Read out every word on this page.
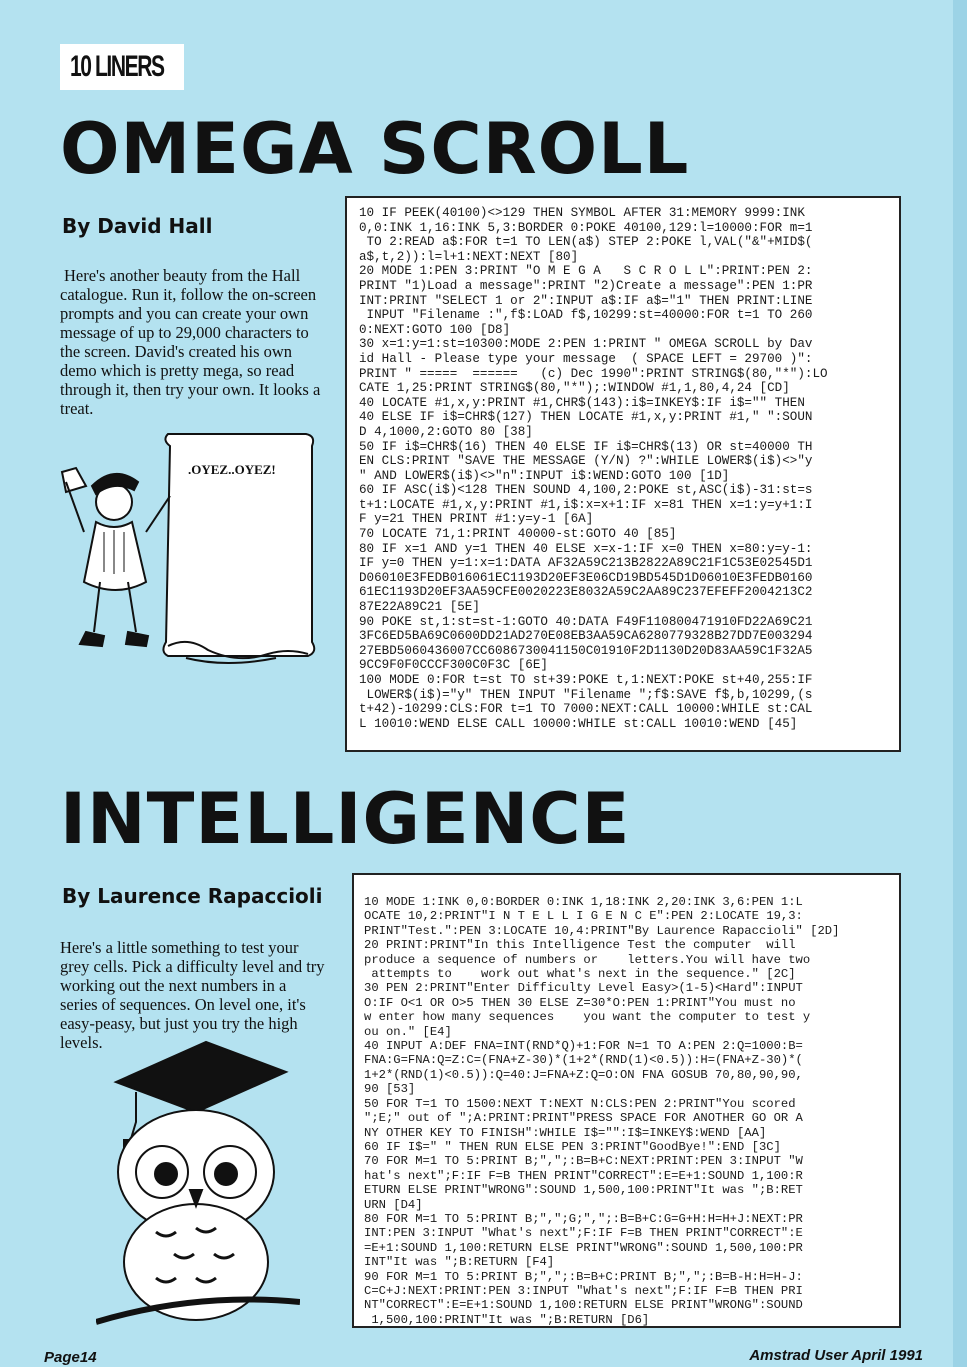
10 LINERS
OMEGA SCROLL
By David Hall
Here's another beauty from the Hall catalogue. Run it, follow the on-screen prompts and you can create your own message of up to 29,000 characters to the screen. David's created his own demo which is pretty mega, so read through it, then try your own. It looks a treat.
.OYEZ..OYEZ!
10 IF PEEK(40100)<>129 THEN SYMBOL AFTER 31:MEMORY 9999:INK
0,0:INK 1,16:INK 5,3:BORDER 0:POKE 40100,129:l=10000:FOR m=1
TO 2:READ a$:FOR t=1 TO LEN(a$) STEP 2:POKE l,VAL("&"+MID$(
a$,t,2)):l=l+1:NEXT:NEXT [80]
20 MODE 1:PEN 3:PRINT "O M E G A   S C R O L L":PRINT:PEN 2:
PRINT "1)Load a message":PRINT "2)Create a message":PEN 1:PR
INT:PRINT "SELECT 1 or 2":INPUT a$:IF a$="1" THEN PRINT:LINE
INPUT "Filename :",f$:LOAD f$,10299:st=40000:FOR t=1 TO 260
0:NEXT:GOTO 100 [D8]
30 x=1:y=1:st=10300:MODE 2:PEN 1:PRINT " OMEGA SCROLL by Dav
id Hall - Please type your message  ( SPACE LEFT = 29700 )":
PRINT " =====  ======   (c) Dec 1990":PRINT STRING$(80,"*"):LO
CATE 1,25:PRINT STRING$(80,"*");:WINDOW #1,1,80,4,24 [CD]
40 LOCATE #1,x,y:PRINT #1,CHR$(143):i$=INKEY$:IF i$="" THEN
40 ELSE IF i$=CHR$(127) THEN LOCATE #1,x,y:PRINT #1," ":SOUN
D 4,1000,2:GOTO 80 [38]
50 IF i$=CHR$(16) THEN 40 ELSE IF i$=CHR$(13) OR st=40000 TH
EN CLS:PRINT "SAVE THE MESSAGE (Y/N) ?":WHILE LOWER$(i$)<>"y
" AND LOWER$(i$)<>"n":INPUT i$:WEND:GOTO 100 [1D]
60 IF ASC(i$)<128 THEN SOUND 4,100,2:POKE st,ASC(i$)-31:st=s
t+1:LOCATE #1,x,y:PRINT #1,i$:x=x+1:IF x=81 THEN x=1:y=y+1:I
F y=21 THEN PRINT #1:y=y-1 [6A]
70 LOCATE 71,1:PRINT 40000-st:GOTO 40 [85]
80 IF x=1 AND y=1 THEN 40 ELSE x=x-1:IF x=0 THEN x=80:y=y-1:
IF y=0 THEN y=1:x=1:DATA AF32A59C213B2822A89C21F1C53E02545D1
D06010E3FEDB016061EC1193D20EF3E06CD19BD545D1D06010E3FEDB0160
61EC1193D20EF3AA59CFE0020223E8032A59C2AA89C237EFEFF2004213C2
87E22A89C21 [5E]
90 POKE st,1:st=st-1:GOTO 40:DATA F49F110800471910FD22A69C21
3FC6ED5BA69C0600DD21AD270E08EB3AA59CA6280779328B27DD7E003294
27EBD5060436007CC6086730041150C01910F2D1130D20D83AA59C1F32A5
9CC9F0F0CCCF300C0F3C [6E]
100 MODE 0:FOR t=st TO st+39:POKE t,1:NEXT:POKE st+40,255:IF
LOWER$(i$)="y" THEN INPUT "Filename ";f$:SAVE f$,b,10299,(s
t+42)-10299:CLS:FOR t=1 TO 7000:NEXT:CALL 10000:WHILE st:CAL
L 10010:WEND ELSE CALL 10000:WHILE st:CALL 10010:WEND [45]
INTELLIGENCE
By Laurence Rapaccioli
Here's a little something to test your grey cells. Pick a difficulty level and try working out the next numbers in a series of sequences. On level one, it's easy-peasy, but just you try the high levels.
10 MODE 1:INK 0,0:BORDER 0:INK 1,18:INK 2,20:INK 3,6:PEN 1:L
OCATE 10,2:PRINT"I N T E L L I G E N C E":PEN 2:LOCATE 19,3:
PRINT"Test.":PEN 3:LOCATE 10,4:PRINT"By Laurence Rapaccioli" [2D]
20 PRINT:PRINT"In this Intelligence Test the computer  will
produce a sequence of numbers or    letters.You will have two
attempts to    work out what's next in the sequence." [2C]
30 PEN 2:PRINT"Enter Difficulty Level Easy>(1-5)<Hard":INPUT
O:IF O<1 OR O>5 THEN 30 ELSE Z=30*O:PEN 1:PRINT"You must no
w enter how many sequences    you want the computer to test y
ou on." [E4]
40 INPUT A:DEF FNA=INT(RND*Q)+1:FOR N=1 TO A:PEN 2:Q=1000:B=
FNA:G=FNA:Q=Z:C=(FNA+Z-30)*(1+2*(RND(1)<0.5)):H=(FNA+Z-30)*(
1+2*(RND(1)<0.5)):Q=40:J=FNA+Z:Q=O:ON FNA GOSUB 70,80,90,90,
90 [53]
50 FOR T=1 TO 1500:NEXT T:NEXT N:CLS:PEN 2:PRINT"You scored
";E;" out of ";A:PRINT:PRINT"PRESS SPACE FOR ANOTHER GO OR A
NY OTHER KEY TO FINISH":WHILE I$="":I$=INKEY$:WEND [AA]
60 IF I$=" " THEN RUN ELSE PEN 3:PRINT"GoodBye!":END [3C]
70 FOR M=1 TO 5:PRINT B;",";:B=B+C:NEXT:PRINT:PEN 3:INPUT "W
hat's next";F:IF F=B THEN PRINT"CORRECT":E=E+1:SOUND 1,100:R
ETURN ELSE PRINT"WRONG":SOUND 1,500,100:PRINT"It was ";B:RET
URN [D4]
80 FOR M=1 TO 5:PRINT B;",";G;",";:B=B+C:G=G+H:H=H+J:NEXT:PR
INT:PEN 3:INPUT "What's next";F:IF F=B THEN PRINT"CORRECT":E
=E+1:SOUND 1,100:RETURN ELSE PRINT"WRONG":SOUND 1,500,100:PR
INT"It was ";B:RETURN [F4]
90 FOR M=1 TO 5:PRINT B;",";:B=B+C:PRINT B;",";:B=B-H:H=H-J:
C=C+J:NEXT:PRINT:PEN 3:INPUT "What's next";F:IF F=B THEN PRI
NT"CORRECT":E=E+1:SOUND 1,100:RETURN ELSE PRINT"WRONG":SOUND
1,500,100:PRINT"It was ";B:RETURN [D6]
Page14	Amstrad User April 1991
